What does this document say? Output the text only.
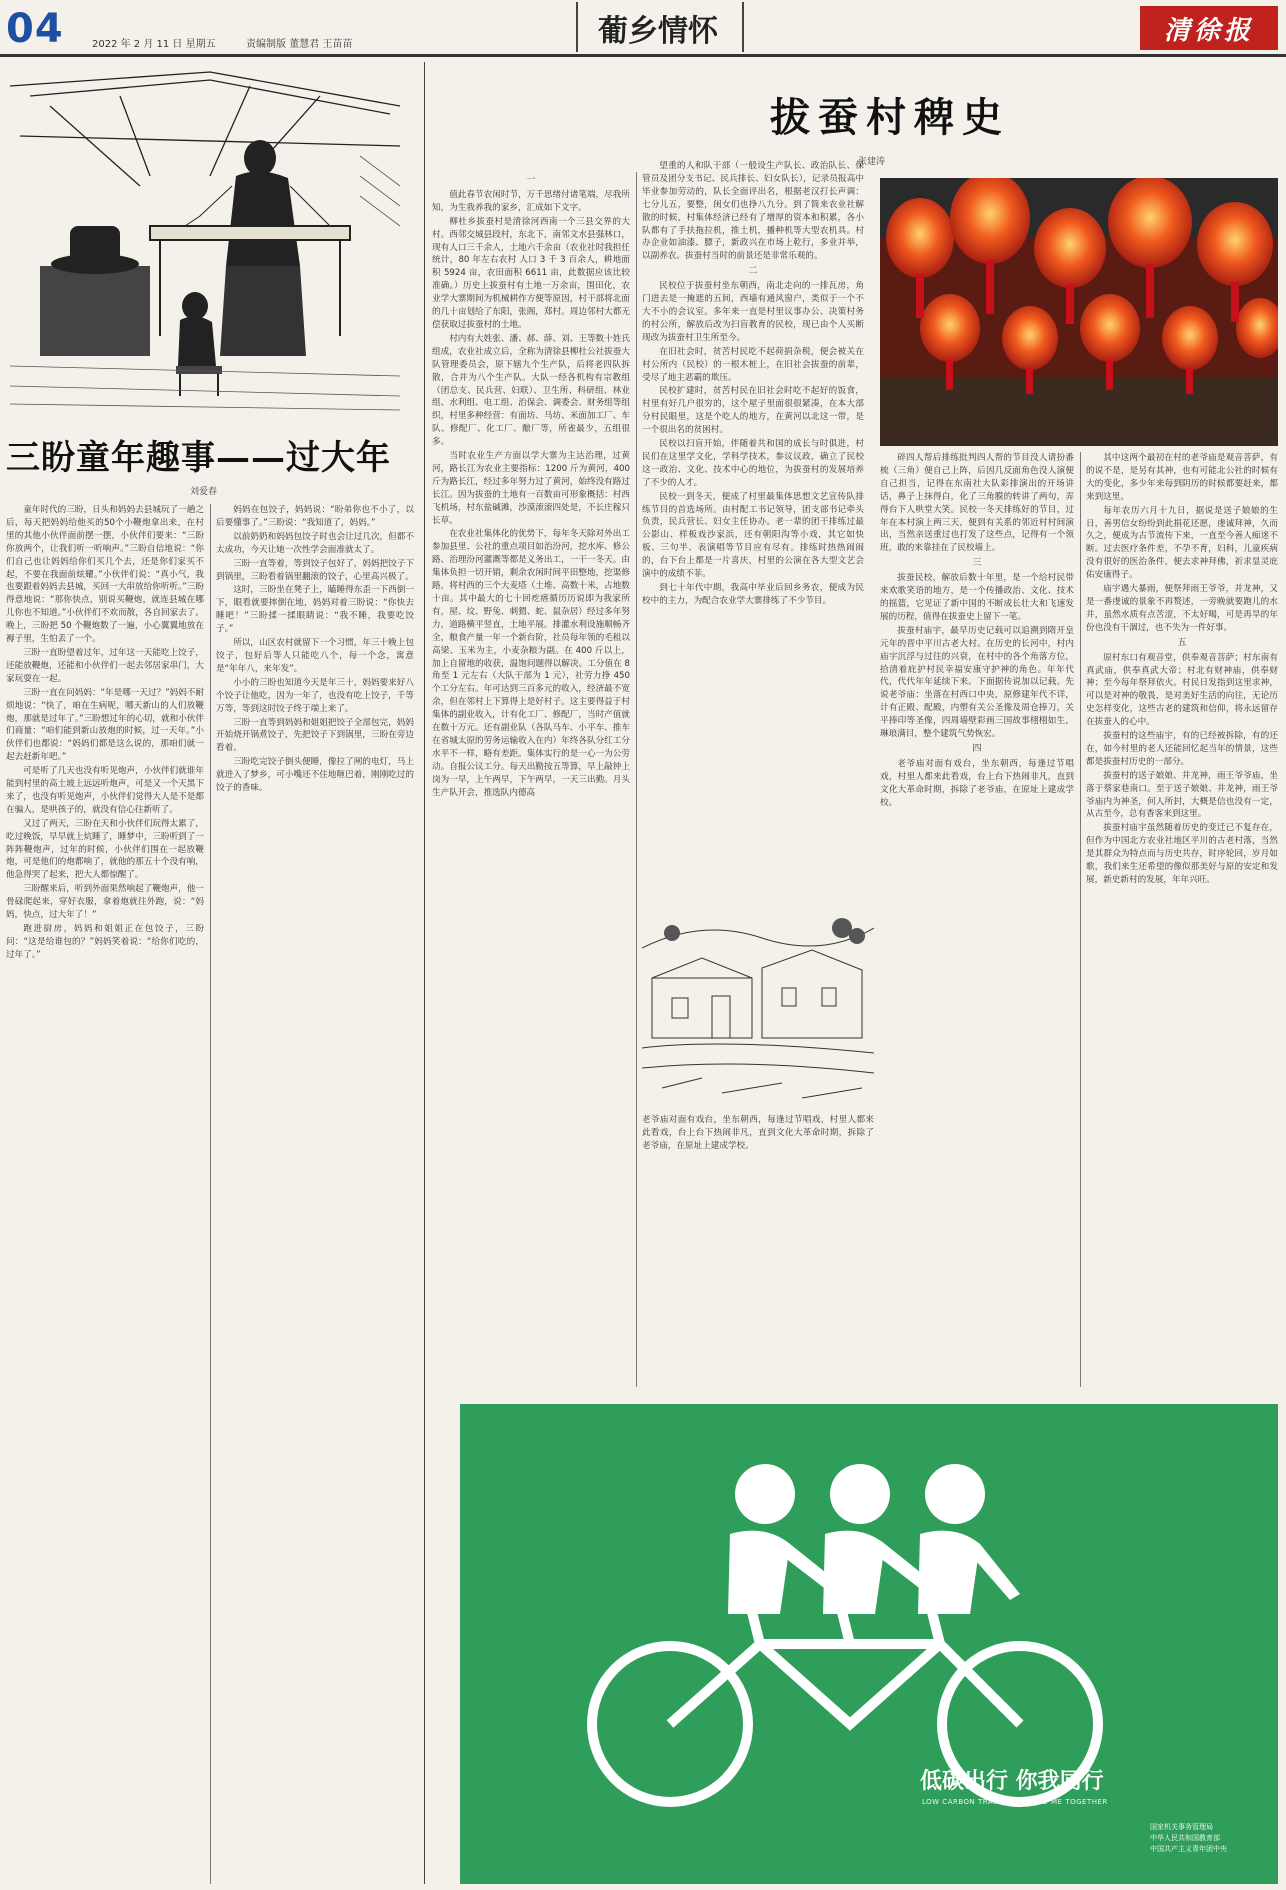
04	2022 年 2 月 11 日 星期五	责编制版 董慧君 王苗苗	葡乡情怀	清徐报
三盼童年趣事——过大年
刘爱春

童年时代的三盼，日头和妈妈去县城玩了一趟之后，每天把妈妈给他买的50个小鞭炮拿出来，在村里的其他小伙伴面前摆一摆，小伙伴们要来：“三盼你放两个，让我们听一听响声。”三盼自信地说：“你们自己也让妈妈给你们买几个去，还是你们家买不起，不要在我面前炫耀。”小伙伴们说：“真小气，我也要跟着妈妈去县城，买回一大串放给你听听。”三盼得意地说：“那你快点，别说买鞭炮，就连县城在哪儿你也不知道。”小伙伴们不欢而散，各自回家去了。晚上，三盼把 50 个鞭炮数了一遍，小心翼翼地放在褥子里，生怕丢了一个。

三盼一直盼望着过年，过年这一天能吃上饺子，还能放鞭炮，还能和小伙伴们一起去邻居家串门，大家玩耍在一起。

三盼一直在问妈妈：“年是哪一天过？”妈妈不耐烦地说：“快了，咱在生病呢，哪天新山的人们放鞭炮，那就是过年了。”三盼想过年的心切，就和小伙伴们商量：“咱们能到新山放炮的时候，过一天年。”小伙伴们也都说：“妈妈们都是这么说的，那咱们就一起去赶新年吧。”

可是听了几天也没有听见炮声，小伙伴们就谁年能到村里的高土坡上远远听炮声，可是又一个天黑下来了，也没有听见炮声，小伙伴们觉得大人是不是都在骗人，是哄孩子的，就没有信心往新听了。

又过了两天，三盼在天和小伙伴们玩得太累了，吃过晚饭，早早就上炕睡了，睡梦中，三盼听到了一阵阵鞭炮声，过年的时候，小伙伴们围在一起放鞭炮，可是他们的炮都响了，就他的那五十个没有响，他急得哭了起来，把大人都惊醒了。

三盼醒来后，听到外面果然响起了鞭炮声，他一骨碌爬起来，穿好衣服，拿着炮就往外跑，说：“妈妈，快点，过大年了！”

跑进厨房，妈妈和姐姐正在包饺子，三盼问：“这是给谁包的？”妈妈笑着说：“给你们吃的，过年了。”

妈妈在包饺子，妈妈说：“盼弟你也不小了，以后要懂事了。”三盼说：“我知道了，妈妈。”

以前奶奶和妈妈包饺子时也会让过几次，但都不太成功，今天让她一次性学会面准就太了。

三盼一直等着，等到饺子包好了，妈妈把饺子下到锅里，三盼看着锅里翻滚的饺子，心里高兴极了。

这时，三盼坐在凳子上，瞌睡得东歪一下西倒一下，眼看就要摔倒在地，妈妈对着三盼说：“你快去睡吧！”三盼揉一揉眼睛说：“我不睡，我要吃饺子。”

所以，山区农村就留下一个习惯，年三十晚上包饺子，包好后等人只能吃八个，每一个念，寓意是“年年八，来年发”。

小小的三盼也知道今天是年三十，妈妈要来好八个饺子让他吃，因为一年了，也没有吃上饺子，千等万等，等到这时饺子终于端上来了。

三盼一直等到妈妈和姐姐把饺子全部包完，妈妈开始烧开锅煮饺子，先把饺子下到锅里，三盼在旁边看着。

三盼吃完饺子倒头便睡，像拉了闸的电灯，马上就进入了梦乡，可小嘴还不住地咂巴着，刚刚吃过的饺子的香味。

拔蚕村稗史
张建涛
一

值此春节农闲时节，万千思绪付诸笔端，尽我所知，为生我养我的家乡，汇成如下文字。

柳杜乡拔蚕村是清徐河西南一个三县交界的大村。西邻交城县段村，东北下，南邻文水县强林口，现有人口三千余人，土地六千余亩（农业社时我担任统计，80 年左右农村 人口 3 千 3 百余人，耕地面积 5924 亩，农田面积 6611 亩，此数据应该比较准确。）历史上拔蚕村有土地一万余亩，围田化，农业学大寨期间为机械耕作方便等原因，村干部将北面的几十亩划给了东阳，张阁，郑村。周边邻村大都无偿获取过拔蚕村的土地。

村内有大姓张、潘、郝、薛、刘、王等数十姓氏组成，农业社成立后，全称为清徐县柳杜公社拔蚕大队管理委员会，原下辖九个生产队，后将老四队拆散，合并为八个生产队。大队一经各机构有宗教组（团总支、民兵营、妇联）、卫生所、科研组、林业组、水利组、电工组、治保会、调委会、财务组等组织，村里多种经营：有面坊、马坊、米面加工厂、车队、修配厂、化工厂、酿厂等，所雀最少，五组很多。

当时农业生产方面以学大寨为主达治理，过黄河，路长江为农业主要指标：1200 斤为黄河，400 斤为路长江，经过多年努力过了黄河，始终没有路过长江。因为拔蚕的土地有一百数亩可形象概括：村西飞机场，村东盐碱滩，沙漠滚滚四处是，不长庄稼只长草。

在农业社集体化的优势下，每年冬天除对外出工参加县里、公社的重点项目如治汾河，挖水库、修公路、治理汾河灌溉等都是义务出工，一干一冬天。由集体负担一切开销，剩余农闲时间平田整地，挖渠修路，将村西的三个大麦塔（土堆、高数十米，占地数十亩。其中最大的七十回疙瘩循历历说即为我家所有，屋、坟、野兔、刺猬、蛇、鼠杂居）经过多年努力，道路横平竖直，土地平展。排灌水利设施顺畅齐全，粮食产量一年一个新台阶，社员每年领的毛租以高梁、玉米为主，小麦杂粮为副。在 400 斤以上，加上自留地的收获，温饱问题得以解决。工分值在 8 角至 1 元左右（大队干部为 1 元），社劳力挣 450 个工分左右。年可达到三百多元的收入，经济最不宽余，但在邻村上下算得上是好村子。这主要得益于村集体的副业收入，计有化工厂、修配厂，当时产值就在数十万元。还有副业队（各队马车、小平车、推车在省城太原的劳务运输收入在内）年终各队分红工分水平不一样，略有差距。集体实行的是一心一为公劳动。自报公议工分。每天出勤按五等算，早上敲钟上岗为一早，上午两早，下午两早，一天三出勤。月头生产队开会，推选队内德高

望重的人和队干部（一般设生产队长、政治队长、保管员及团分支书记、民兵排长、妇女队长），记录员报高中毕业参加劳动的，队长全面评出名，根据老汉打长声调：七分儿五，要整，闺女们也挣八九分。到了简来农业社解散的时候，村集体经济已经有了增厚的资本和积累，各小队都有了手扶拖拉机，推土机，播种机等大型农机具。村办企业如油漆、膘子，新政兴在市场上乾行，多业并举，以副养农。拔蚕村当时的前景还是非常乐观的。

二

民校位于拔蚕村坐东朝西，南北走向的一排瓦房，角门进去是一掩遮的五间，西墙有通风窗户，类似于一个不大不小的会议室。多年来一直是村里议事办公、决策村务的村公所，解放后改为扫盲教育的民校，现已由个人买断现改为拔蚕村卫生所至今。

在旧社会时，贫苦村民吃不起荷捐杂税，便会被关在村公所内（民校）的一根木桩上，在旧社会拔蚕的前辈，受尽了地主恶霸的欺压。

民校扩建时，贫苦村民在旧社会时吃不起好的饭食，村里有好几户很穷的，这个屋子里面很很紧凑，在本大部分村民眼里，这是个吃人的地方，在黄河以北这一带，是一个很出名的贫困村。

民校以扫盲开始，伴随着共和国的成长与时俱进，村民们在这里学文化，学科学技术，参议议政，确立了民校这一政治、文化、技术中心的地位，为拔蚕村的发展培养了不少的人才。

民校一到冬天，便成了村里最集体思想文艺宣传队排练节目的首选场所。由村配工书记领导，团支部书记牵头负责，民兵营长、妇女主任协办。老一辈的团干排练过最公影山、样板戏沙家浜，还有朝阳沟等小戏，其它如快板、三句半、表演唱等节目应有尽有。排练时热热闹闹的，台下台上都是一片喜庆，村里的公演在各大型文艺会演中的成绩不菲。

到七十年代中期，我高中毕业后回乡务农，便成为民校中的主力，为配合农业学大寨排练了不少节目。

碎四人帮后排练批判四人帮的节目没人请扮番梳（三角）便自己上阵，后因几反面角色没人演便自己担当，记得在东南社大队彩排演出的开场讲话，鼻子上抹得白，化了三角膜的转讲了两句，弄得台下人哄堂大笑。民校一冬天排练好的节目，过年在本村演上两三天，便到有关系的邻近村村间演出，当然亲送重过也打发了这些点，记得有一个领班，敢的来靠挂在了民校墙上。

三

拔蚕民校，解放后数十年里，是一个给村民带来欢歌笑语的地方，是一个传播政治、文化、技术的摇篮，它见证了新中国的不断成长壮大和飞速发展的历程，值得在拔蚕史上留下一笔。

拔蚕村庙宇，最早历史记载可以追溯到隋开皇元年的晋中平川古老大村。在历史的长河中，村内庙宇沉浮与过往的兴衰，在村中的各个角落方位，拾清着庇护村民幸福安康守护神的角色。年年代代，代代年年延续下来。下面据传说加以记载。先说老爷庙：坐落在村西口中央，原修建年代不详，计有正殿、配殿，内塑有关公圣像及周仓捧刀，关平捧印等圣像，四周墙壁彩画三国故事栩栩如生，琳琅满目，整个建筑气势恢宏。

四

老爷庙对面有戏台，坐东朝西，每逢过节唱戏，村里人都来此看戏，台上台下热闹非凡，直到文化大革命时期，拆除了老爷庙，在原址上建成学校。

其中这两个最初在村的老爷庙是观音菩萨，有的说不是，是另有其神，也有可能北公社的时候有大的变化，多少年来每到阴历的时候都要赶来，都来到这里。

每年农历六月十九日，据说是送子娘娘的生日，善男信女纷纷到此捐花还愿，虔诚拜神，久而久之，便成为古节流传下来，一直至今善人痴迷不断。过去医疗条件差，不孕不育，妇科，儿童疾病没有很好的医治条件，便去求神拜佛，祈求显灵庇佑安康得子。

庙宇遇大暴雨，便祭拜雨王爷爷，并龙神，又是一番虔诚的景象不再赘述，一旁晚就要跑儿的水井，虽然水质有点苦涩，不太好喝，可是再旱的年份也没有干涸过，也不失为一件好事。

五

原村东口有观音堂，供奉观音菩萨；村东南有真武庙，供奉真武大帝；村北有财神庙，供奉财神；至今每年祭拜依火。村民日发指到这里求神，可以是对神的敬畏，是对美好生活的向往，无论历史怎样变化，这些古老的建筑和信仰，将永远留存在拔蚕人的心中。

拔蚕村的这些庙宇，有的已经被拆除，有的还在，如今村里的老人还能回忆起当年的情景，这些都是拔蚕村历史的一部分。

拔蚕村的送子娘娘、井龙神，雨王爷爷庙，坐落于蔡家巷南口。至于送子娘娘、井龙神，雨王爷爷庙内为神圣，何人所封，大概是信也没有一定，从古至今，总有香客来到这里。

拔蚕村庙宇虽然随着历史的变迁已不复存在，但作为中国北方农业社地区平川的古老村落，当然是其群众为特点而与历史共存，时序轮回，岁月如歌，我们来生还希望的像似那美好与原的安定和发展，新史新村的发展，年年兴旺。

老爷庙对面有戏台，坐东朝西，每逢过节唱戏，村里人都来此看戏，台上台下热闹非凡，直到文化大革命时期，拆除了老爷庙，在原址上建成学校。
低碳出行 你我同行
LOW CARBON TRAVEL, YOU AND ME TOGETHER
国家机关事务管理局
中华人民共和国教育部
中国共产主义青年团中央
